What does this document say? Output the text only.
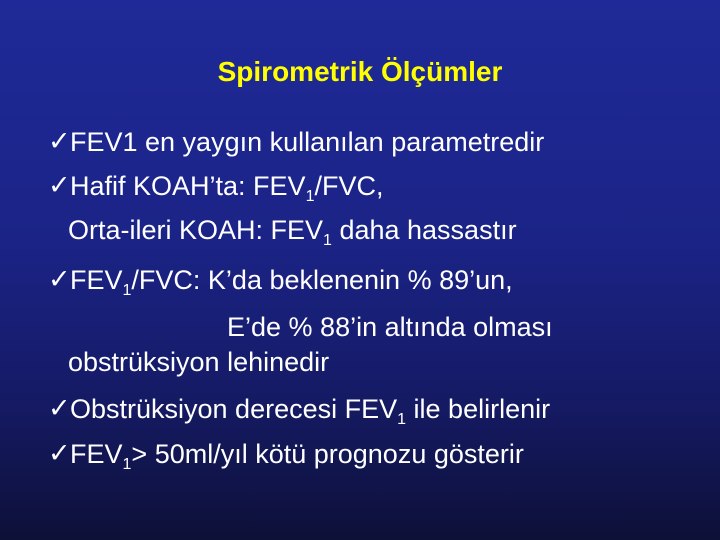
Spirometrik Ölçümler
✓ FEV1 en yaygın kullanılan parametredir
✓ Hafif KOAH’ta: $FEV_1$/FVC,
Orta-ileri KOAH: $FEV_1$ daha hassastır
✓ $FEV_1$/FVC: K’da beklenenin % 89’un,
E’de % 88’in altında olması
obstrüksiyon lehinedir
✓ Obstrüksiyon derecesi $FEV_1$ ile belirlenir
✓ $FEV_1>$ 50ml/yıl kötü prognozu gösterir
